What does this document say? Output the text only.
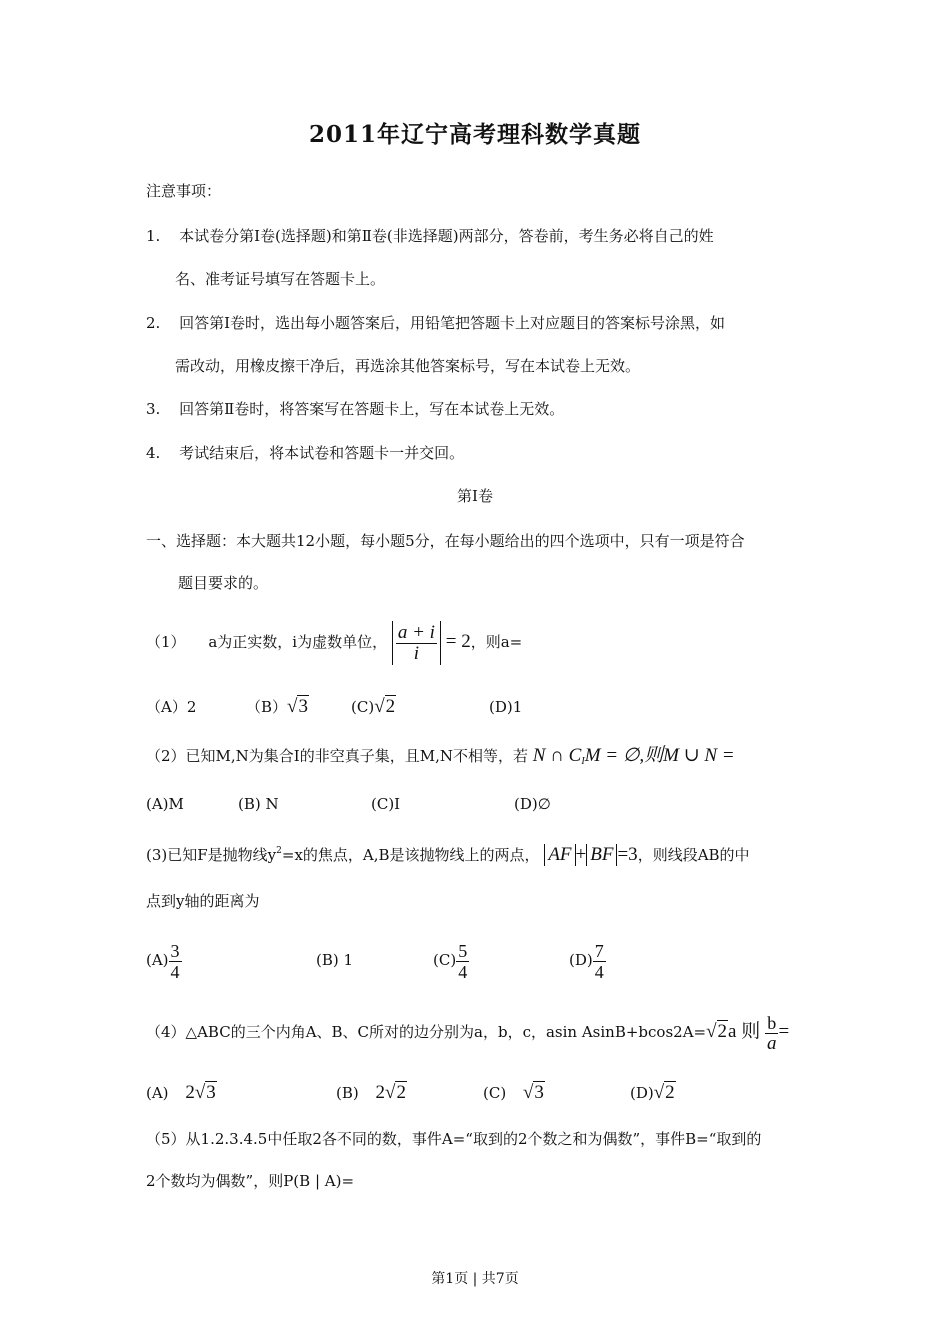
2011年辽宁高考理科数学真题
注意事项：
1. 本试卷分第Ⅰ卷(选择题)和第Ⅱ卷(非选择题)两部分，答卷前，考生务必将自己的姓
名、准考证号填写在答题卡上。
2. 回答第Ⅰ卷时，选出每小题答案后，用铅笔把答题卡上对应题目的答案标号涂黑，如
需改动，用橡皮擦干净后，再选涂其他答案标号，写在本试卷上无效。
3. 回答第Ⅱ卷时，将答案写在答题卡上，写在本试卷上无效。
4. 考试结束后，将本试卷和答题卡一并交回。
第Ⅰ卷
一、选择题：本大题共12小题，每小题5分，在每小题给出的四个选项中，只有一项是符合
题目要求的。
（1） a为正实数，i为虚数单位， $\frac{a + i}{i} = 2$，则a=
（A）2	（B）√3	(C)√2	(D)1
（2）已知M,N为集合I的非空真子集，且M,N不相等，若 N ∩ $C_IM$ = ∅,则M ∪ N =
(A)M	(B) N	(C)I	(D)∅
(3)已知F是抛物线$y^2=x$的焦点，A,B是该抛物线上的两点， AF + BF =3，则线段AB的中
点到y轴的距离为
$(A) \frac{3}{4}$	(B) 1	$(C) \frac{5}{4}$	$(D) \frac{7}{4}$
（4）△ABC的三个内角A、B、C所对的边分别为a，b，c，asin AsinB+bcos2A=√2a 则 $\frac{b}{a}$ =
(A) 2√3	(B) 2√2	(C) √3	(D)√2
（5）从1.2.3.4.5中任取2各不同的数，事件A=“取到的2个数之和为偶数”，事件B=“取到的
2个数均为偶数”，则P(B | A)=
第1页 | 共7页
